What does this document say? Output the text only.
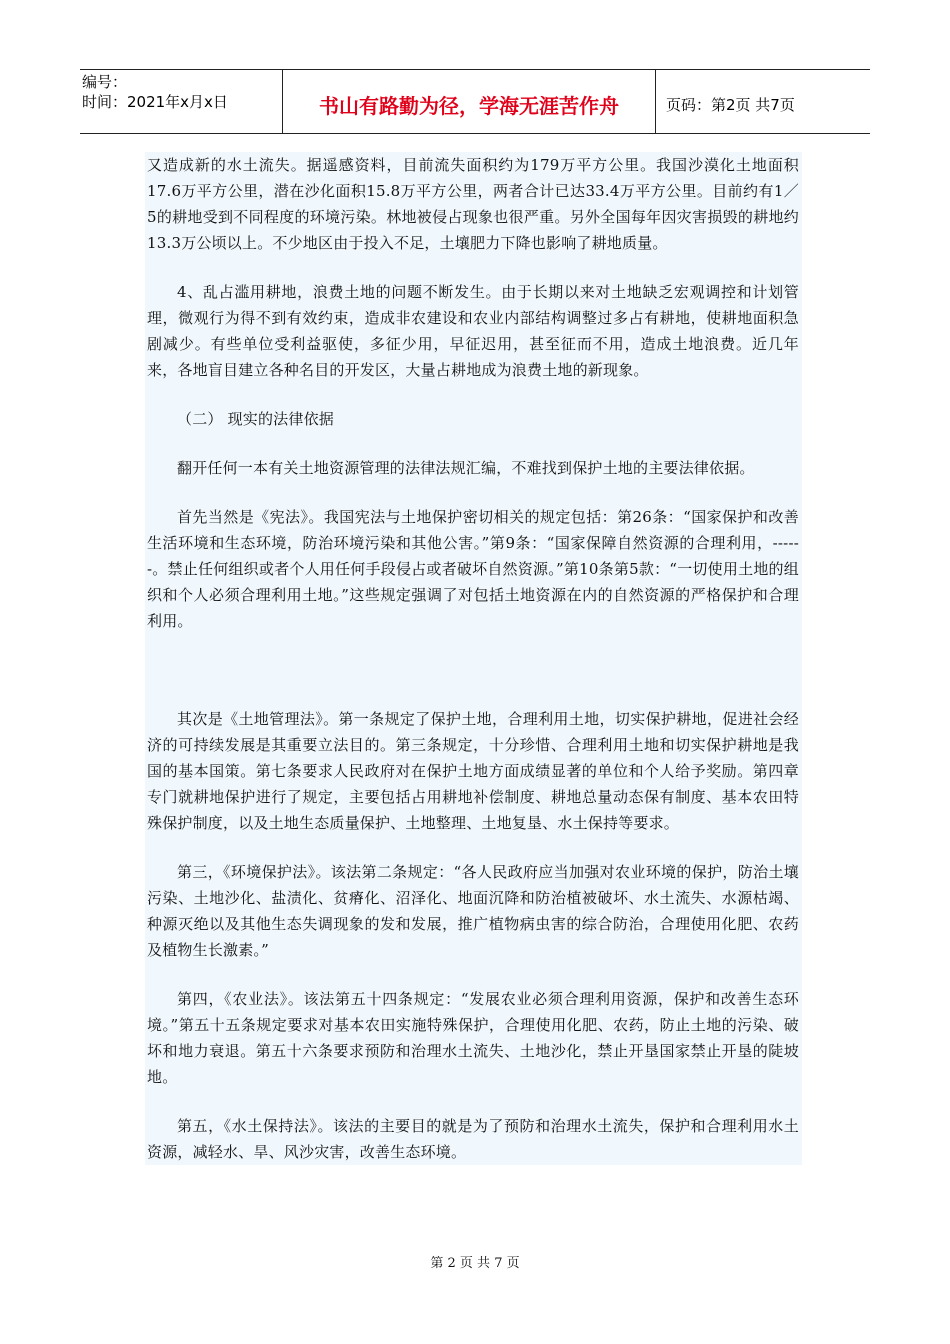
编号：
时间：2021年x月x日	书山有路勤为径，学海无涯苦作舟	页码：第2页 共7页

又造成新的水土流失。据遥感资料，目前流失面积约为179万平方公里。我国沙漠化土地面积17.6万平方公里，潜在沙化面积15.8万平方公里，两者合计已达33.4万平方公里。目前约有1／5的耕地受到不同程度的环境污染。林地被侵占现象也很严重。另外全国每年因灾害损毁的耕地约13.3万公顷以上。不少地区由于投入不足，土壤肥力下降也影响了耕地质量。

4、乱占滥用耕地，浪费土地的问题不断发生。由于长期以来对土地缺乏宏观调控和计划管理，微观行为得不到有效约束，造成非农建设和农业内部结构调整过多占有耕地，使耕地面积急剧减少。有些单位受利益驱使，多征少用，早征迟用，甚至征而不用，造成土地浪费。近几年来，各地盲目建立各种名目的开发区，大量占耕地成为浪费土地的新现象。

（二） 现实的法律依据

翻开任何一本有关土地资源管理的法律法规汇编，不难找到保护土地的主要法律依据。

首先当然是《宪法》。我国宪法与土地保护密切相关的规定包括：第26条：“国家保护和改善生活环境和生态环境，防治环境污染和其他公害。”第9条：“国家保障自然资源的合理利用，------。禁止任何组织或者个人用任何手段侵占或者破坏自然资源。”第10条第5款：“一切使用土地的组织和个人必须合理利用土地。”这些规定强调了对包括土地资源在内的自然资源的严格保护和合理利用。

其次是《土地管理法》。第一条规定了保护土地，合理利用土地，切实保护耕地，促进社会经济的可持续发展是其重要立法目的。第三条规定，十分珍惜、合理利用土地和切实保护耕地是我国的基本国策。第七条要求人民政府对在保护土地方面成绩显著的单位和个人给予奖励。第四章专门就耕地保护进行了规定，主要包括占用耕地补偿制度、耕地总量动态保有制度、基本农田特殊保护制度，以及土地生态质量保护、土地整理、土地复垦、水土保持等要求。

第三，《环境保护法》。该法第二条规定：“各人民政府应当加强对农业环境的保护，防治土壤污染、土地沙化、盐渍化、贫瘠化、沼泽化、地面沉降和防治植被破坏、水土流失、水源枯竭、种源灭绝以及其他生态失调现象的发和发展，推广植物病虫害的综合防治，合理使用化肥、农药及植物生长激素。”

第四，《农业法》。该法第五十四条规定：“发展农业必须合理利用资源，保护和改善生态环境。”第五十五条规定要求对基本农田实施特殊保护，合理使用化肥、农药，防止土地的污染、破坏和地力衰退。第五十六条要求预防和治理水土流失、土地沙化，禁止开垦国家禁止开垦的陡坡地。

第五，《水土保持法》。该法的主要目的就是为了预防和治理水土流失，保护和合理利用水土资源，减轻水、旱、风沙灾害，改善生态环境。

第 2 页 共 7 页
